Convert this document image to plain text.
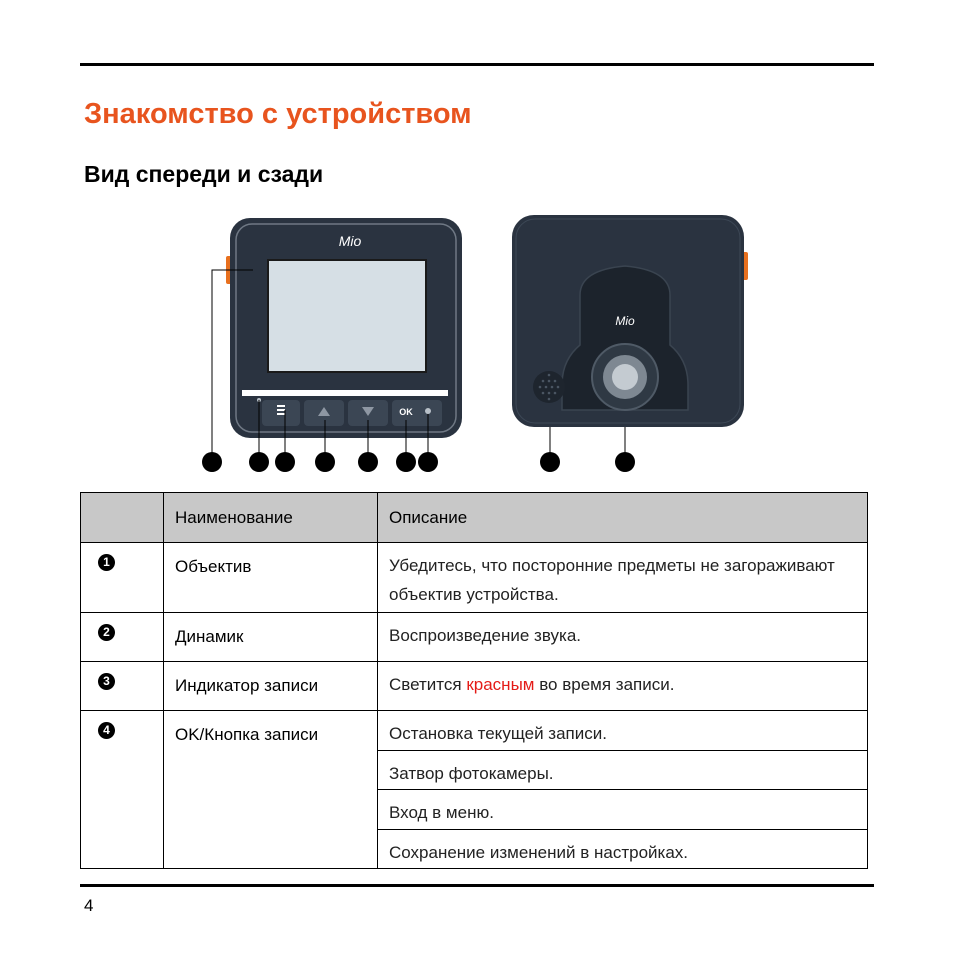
Знакомство с устройством
Вид спереди и сзади
Mio
OK
Mio
	Наименование	Описание
1	Объектив	Убедитесь, что посторонние предметы не загораживают объектив устройства.
2	Динамик	Воспроизведение звука.
3	Индикатор записи	Светится красным во время записи.
4	OK/Кнопка записи	Остановка текущей записи.
		Затвор фотокамеры.
		Вход в меню.
		Сохранение изменений в настройках.
4
